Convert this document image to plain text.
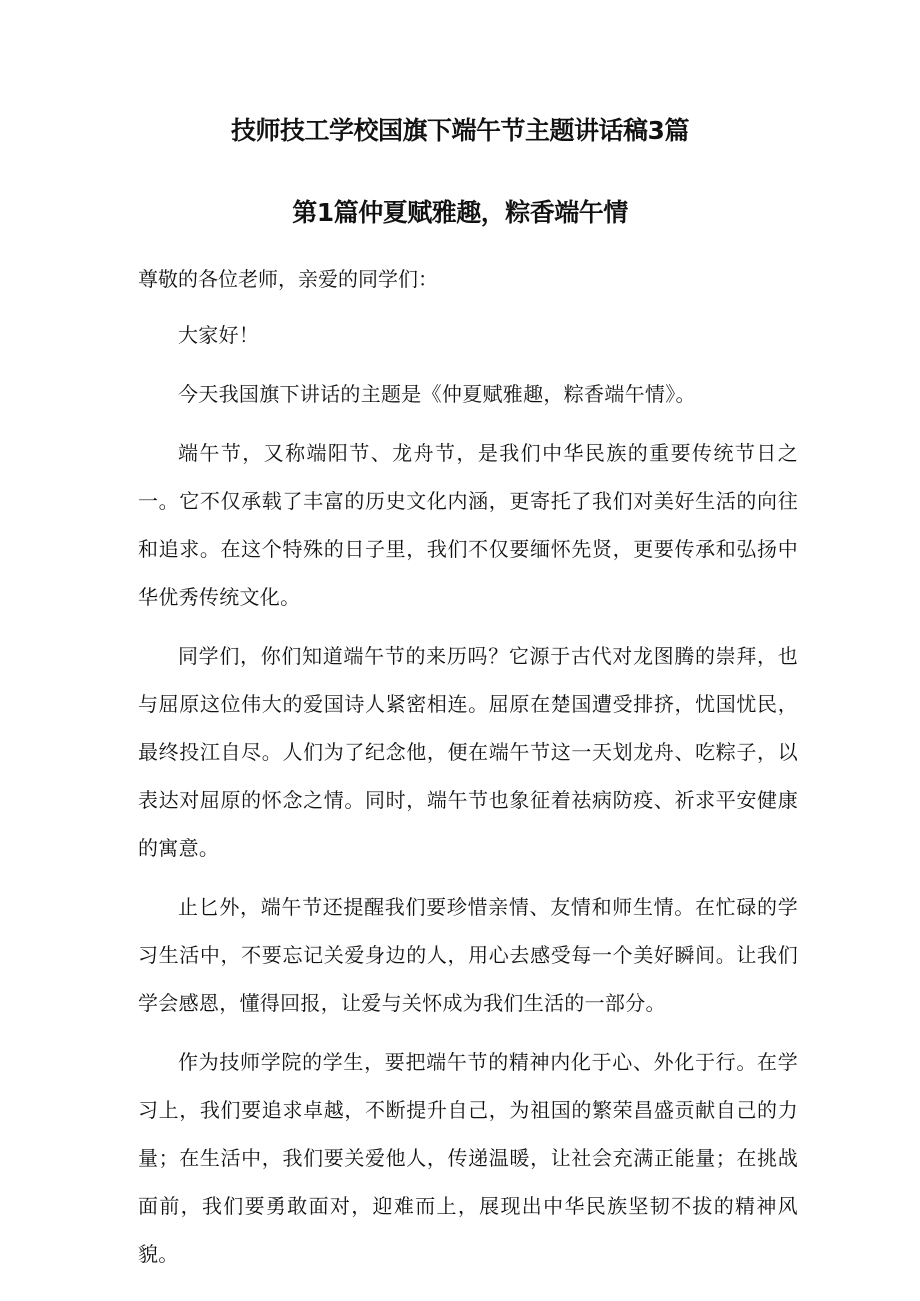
技师技工学校国旗下端午节主题讲话稿3篇
第1篇仲夏赋雅趣，粽香端午情

尊敬的各位老师，亲爱的同学们：

大家好！

今天我国旗下讲话的主题是《仲夏赋雅趣，粽香端午情》。

端午节，又称端阳节、龙舟节，是我们中华民族的重要传统节日之一。它不仅承载了丰富的历史文化内涵，更寄托了我们对美好生活的向往和追求。在这个特殊的日子里，我们不仅要缅怀先贤，更要传承和弘扬中华优秀传统文化。

同学们，你们知道端午节的来历吗？它源于古代对龙图腾的崇拜，也与屈原这位伟大的爱国诗人紧密相连。屈原在楚国遭受排挤，忧国忧民，最终投江自尽。人们为了纪念他，便在端午节这一天划龙舟、吃粽子，以表达对屈原的怀念之情。同时，端午节也象征着祛病防疫、祈求平安健康的寓意。

止匕外，端午节还提醒我们要珍惜亲情、友情和师生情。在忙碌的学习生活中，不要忘记关爱身边的人，用心去感受每一个美好瞬间。让我们学会感恩，懂得回报，让爱与关怀成为我们生活的一部分。

作为技师学院的学生，要把端午节的精神内化于心、外化于行。在学习上，我们要追求卓越，不断提升自己，为祖国的繁荣昌盛贡献自己的力量；在生活中，我们要关爱他人，传递温暖，让社会充满正能量；在挑战面前，我们要勇敢面对，迎难而上，展现出中华民族坚韧不拔的精神风貌。
